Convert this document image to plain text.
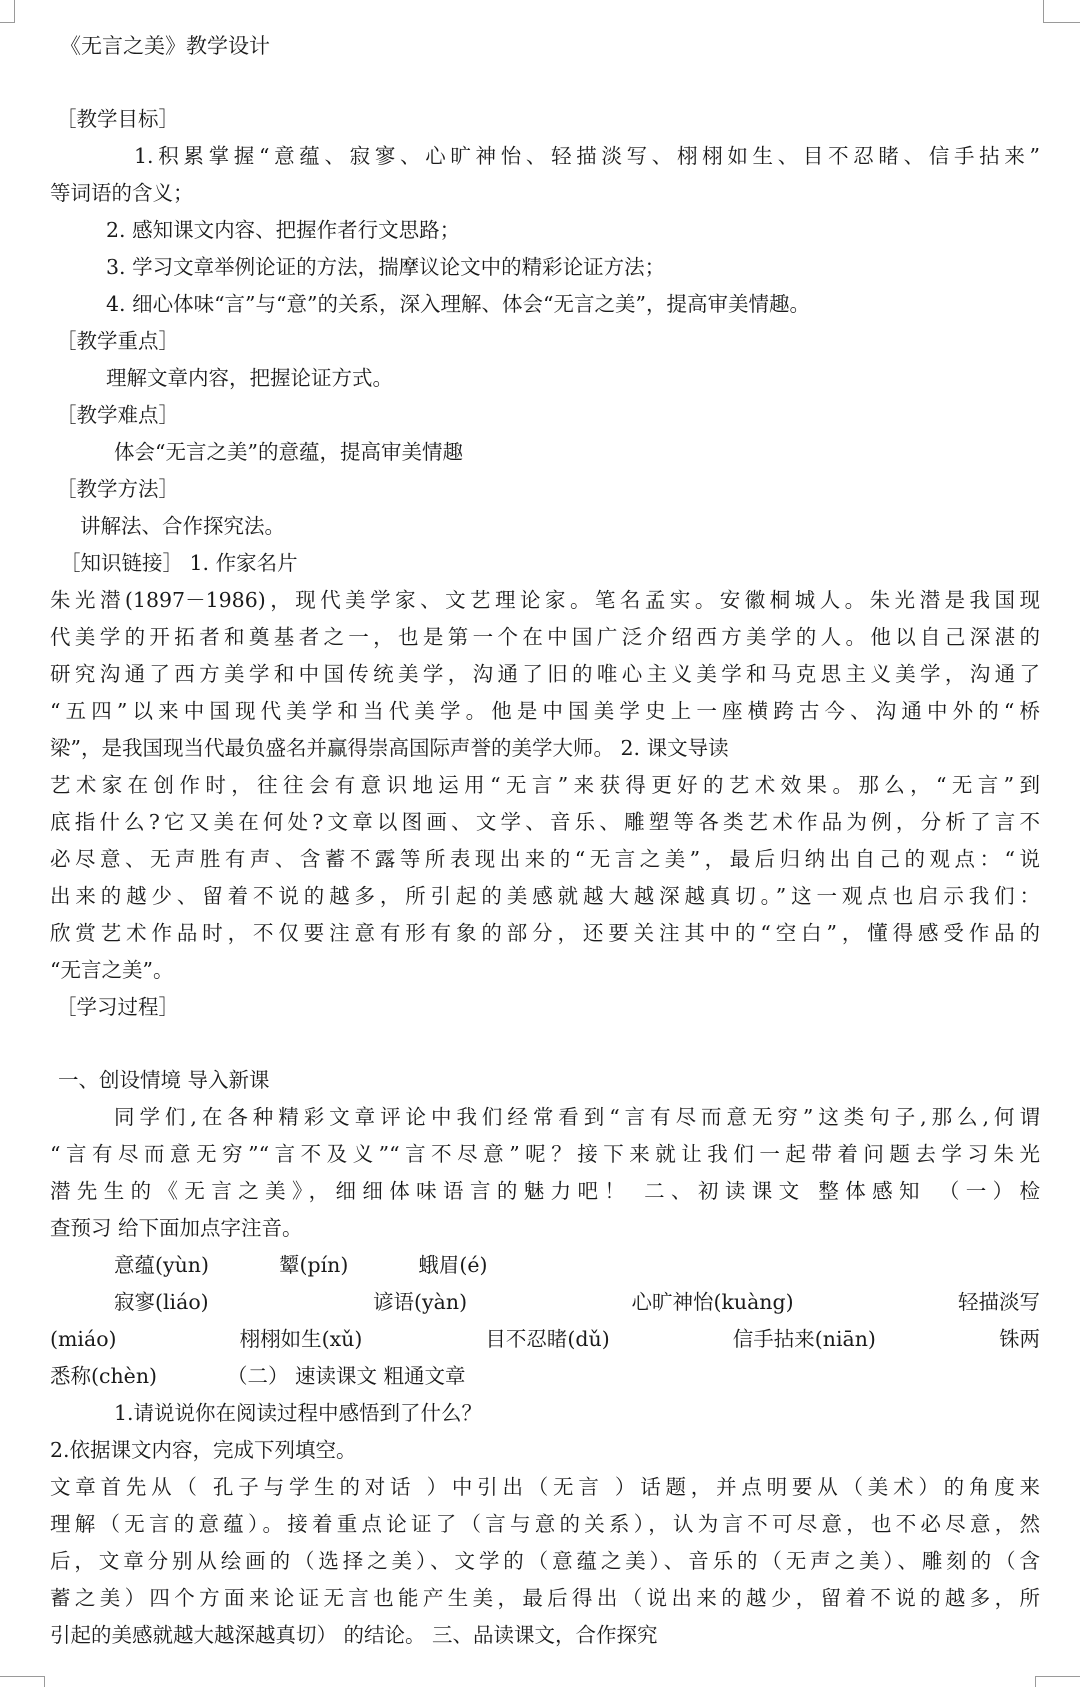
《无言之美》教学设计
［教学目标］
1.积累掌握“意蕴、寂寥、心旷神怡、轻描淡写、栩栩如生、目不忍睹、信手拈来”
等词语的含义；
2. 感知课文内容、把握作者行文思路；
3. 学习文章举例论证的方法，揣摩议论文中的精彩论证方法；
4. 细心体味“言”与“意”的关系，深入理解、体会“无言之美”，提高审美情趣。
［教学重点］
理解文章内容，把握论证方式。
［教学难点］
体会“无言之美”的意蕴，提高审美情趣
［教学方法］
讲解法、合作探究法。
［知识链接］ 1. 作家名片
朱光潜(1897－1986)，现代美学家、文艺理论家。笔名孟实。安徽桐城人。朱光潜是我国现
代美学的开拓者和奠基者之一，也是第一个在中国广泛介绍西方美学的人。他以自己深湛的
研究沟通了西方美学和中国传统美学，沟通了旧的唯心主义美学和马克思主义美学，沟通了
“五四”以来中国现代美学和当代美学。他是中国美学史上一座横跨古今、沟通中外的“桥
梁”，是我国现当代最负盛名并赢得崇高国际声誉的美学大师。 2. 课文导读
艺术家在创作时，往往会有意识地运用“无言”来获得更好的艺术效果。那么，“无言”到
底指什么?它又美在何处?文章以图画、文学、音乐、雕塑等各类艺术作品为例，分析了言不
必尽意、无声胜有声、含蓄不露等所表现出来的“无言之美”，最后归纳出自己的观点：“说
出来的越少、留着不说的越多，所引起的美感就越大越深越真切。”这一观点也启示我们：
欣赏艺术作品时，不仅要注意有形有象的部分，还要关注其中的“空白”，懂得感受作品的
“无言之美”。
［学习过程］
一、创设情境 导入新课
同学们,在各种精彩文章评论中我们经常看到“言有尽而意无穷”这类句子,那么,何谓
“言有尽而意无穷”“言不及义”“言不尽意”呢？接下来就让我们一起带着问题去学习朱光
潜先生的《无言之美》，细细体味语言的魅力吧！ 二、初读课文 整体感知 （一）检
查预习 给下面加点字注音。
意蕴(yùn)	颦(pín)	蛾眉(é)
寂寥(liáo)	谚语(yàn)	心旷神怡(kuàng)	轻描淡写
(miáo)	栩栩如生(xǔ)	目不忍睹(dǔ)	信手拈来(niān)	铢两
悉称(chèn)	（二） 速读课文 粗通文章
1.请说说你在阅读过程中感悟到了什么？
2.依据课文内容，完成下列填空。
文章首先从（ 孔子与学生的对话 ）中引出（无言 ）话题，并点明要从（美术）的角度来
理解（无言的意蕴）。接着重点论证了（言与意的关系），认为言不可尽意，也不必尽意，然
后，文章分别从绘画的（选择之美）、文学的（意蕴之美）、音乐的（无声之美）、雕刻的（含
蓄之美）四个方面来论证无言也能产生美，最后得出（说出来的越少，留着不说的越多，所
引起的美感就越大越深越真切） 的结论。 三、品读课文，合作探究
